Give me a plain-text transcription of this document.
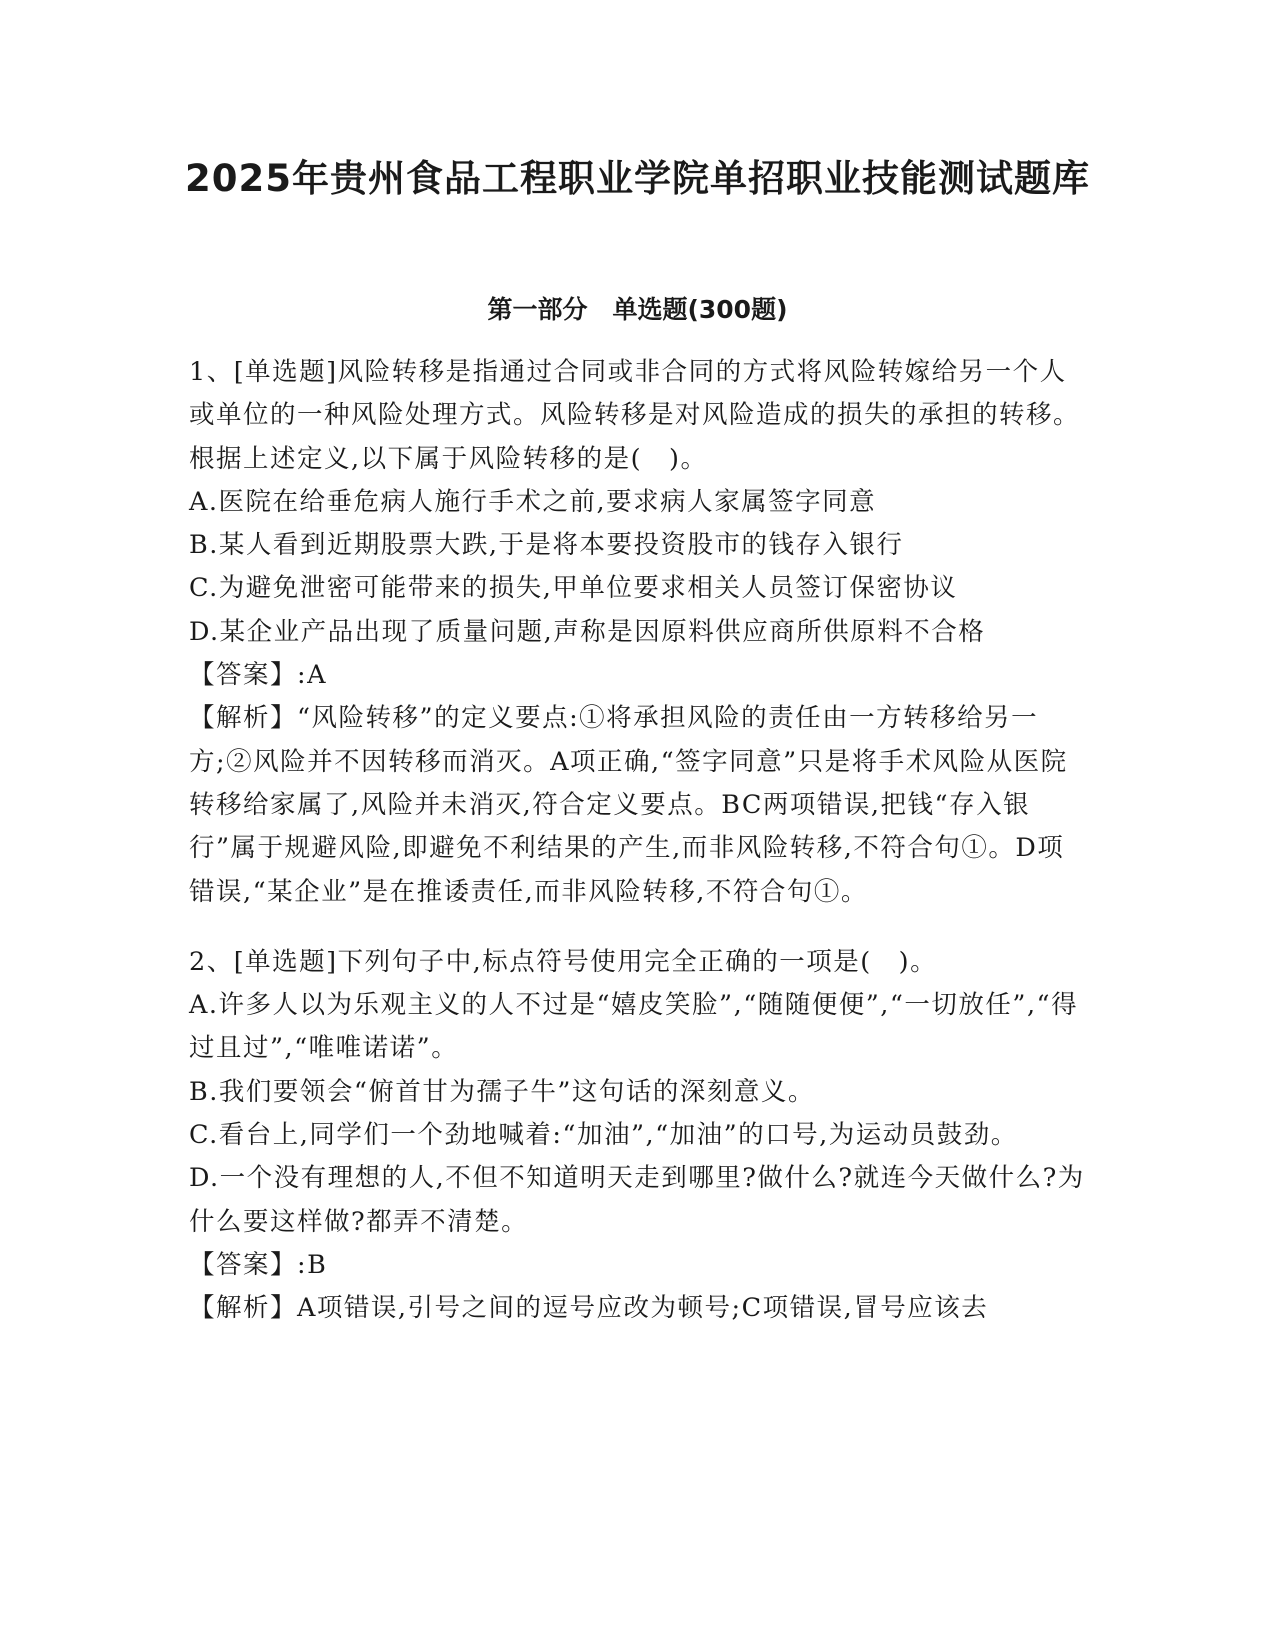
2025年贵州食品工程职业学院单招职业技能测试题库
第一部分　单选题(300题)

1、[单选题]风险转移是指通过合同或非合同的方式将风险转嫁给另一个人或单位的一种风险处理方式。风险转移是对风险造成的损失的承担的转移。根据上述定义,以下属于风险转移的是(　)。

A.医院在给垂危病人施行手术之前,要求病人家属签字同意

B.某人看到近期股票大跌,于是将本要投资股市的钱存入银行

C.为避免泄密可能带来的损失,甲单位要求相关人员签订保密协议

D.某企业产品出现了质量问题,声称是因原料供应商所供原料不合格

【答案】:A

【解析】“风险转移”的定义要点:①将承担风险的责任由一方转移给另一方;②风险并不因转移而消灭。A项正确,“签字同意”只是将手术风险从医院转移给家属了,风险并未消灭,符合定义要点。BC两项错误,把钱“存入银行”属于规避风险,即避免不利结果的产生,而非风险转移,不符合句①。D项错误,“某企业”是在推诿责任,而非风险转移,不符合句①。

2、[单选题]下列句子中,标点符号使用完全正确的一项是(　)。

A.许多人以为乐观主义的人不过是“嬉皮笑脸”,“随随便便”,“一切放任”,“得过且过”,“唯唯诺诺”。

B.我们要领会“俯首甘为孺子牛”这句话的深刻意义。

C.看台上,同学们一个劲地喊着:“加油”,“加油”的口号,为运动员鼓劲。

D.一个没有理想的人,不但不知道明天走到哪里?做什么?就连今天做什么?为什么要这样做?都弄不清楚。

【答案】:B

【解析】A项错误,引号之间的逗号应改为顿号;C项错误,冒号应该去
